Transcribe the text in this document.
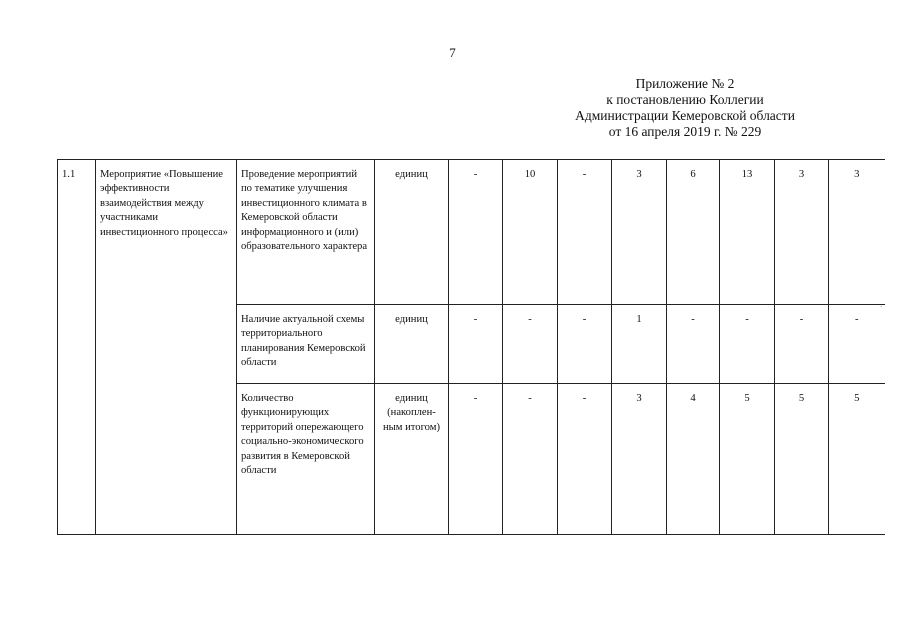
7
Приложение № 2
к постановлению Коллегии
Администрации Кемеровской области
от 16 апреля 2019 г. № 229
1.1	Мероприятие «Повышение эффективности взаимодействия между участниками инвестиционного процесса»	Проведение мероприятий по тематике улучшения инвестиционного климата в Кемеровской области информационного и (или) образовательного характера	единиц	-	10	-	3	6	13	3	3
		Наличие актуальной схемы территориального планирования Кемеровской области	единиц	-	-	-	1	-	-	-	-
		Количество функционирующих территорий опережающего социально-экономического развития в Кемеровской области	единиц (накоплен-ным итогом)	-	-	-	3	4	5	5	5
·
